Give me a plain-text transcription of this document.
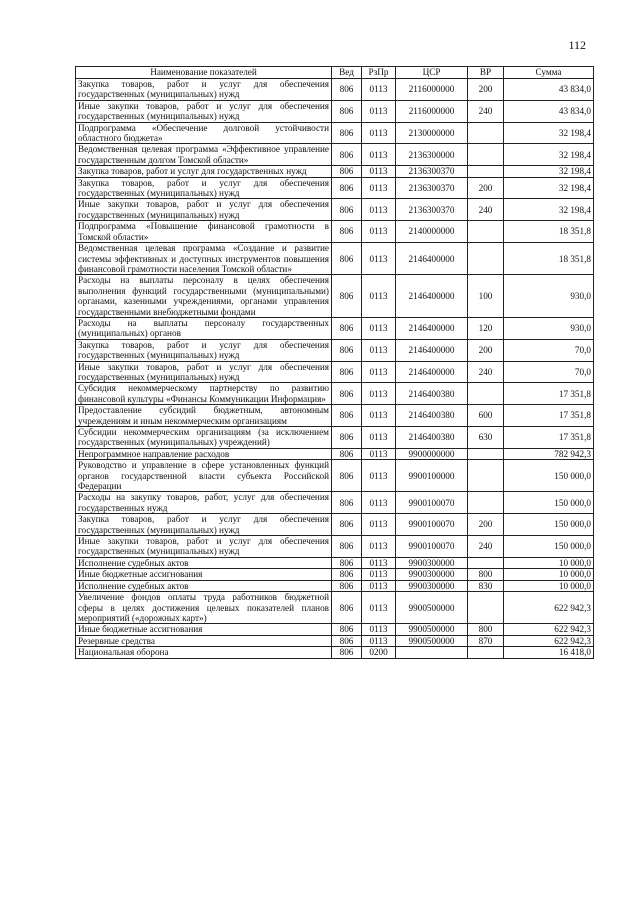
112
Наименование показателей	Вед	РзПр	ЦСР	ВР	Сумма
Закупка товаров, работ и услуг для обеспечения государственных (муниципальных) нужд	806	0113	2116000000	200	43 834,0
Иные закупки товаров, работ и услуг для обеспечения государственных (муниципальных) нужд	806	0113	2116000000	240	43 834,0
Подпрограмма «Обеспечение долговой устойчивости областного бюджета»	806	0113	2130000000		32 198,4
Ведомственная целевая программа «Эффективное управление государственным долгом Томской области»	806	0113	2136300000		32 198,4
Закупка товаров, работ и услуг для государственных нужд	806	0113	2136300370		32 198,4
Закупка товаров, работ и услуг для обеспечения государственных (муниципальных) нужд	806	0113	2136300370	200	32 198,4
Иные закупки товаров, работ и услуг для обеспечения государственных (муниципальных) нужд	806	0113	2136300370	240	32 198,4
Подпрограмма «Повышение финансовой грамотности в Томской области»	806	0113	2140000000		18 351,8
Ведомственная целевая программа «Создание и развитие системы эффективных и доступных инструментов повышения финансовой грамотности населения Томской области»	806	0113	2146400000		18 351,8
Расходы на выплаты персоналу в целях обеспечения выполнения функций государственными (муниципальными) органами, казенными учреждениями, органами управления государственными внебюджетными фондами	806	0113	2146400000	100	930,0
Расходы на выплаты персоналу государственных (муниципальных) органов	806	0113	2146400000	120	930,0
Закупка товаров, работ и услуг для обеспечения государственных (муниципальных) нужд	806	0113	2146400000	200	70,0
Иные закупки товаров, работ и услуг для обеспечения государственных (муниципальных) нужд	806	0113	2146400000	240	70,0
Субсидия некоммерческому партнерству по развитию финансовой культуры «Финансы Коммуникации Информация»	806	0113	2146400380		17 351,8
Предоставление субсидий бюджетным, автономным учреждениям и иным некоммерческим организациям	806	0113	2146400380	600	17 351,8
Субсидии некоммерческим организациям (за исключением государственных (муниципальных) учреждений)	806	0113	2146400380	630	17 351,8
Непрограммное направление расходов	806	0113	9900000000		782 942,3
Руководство и управление в сфере установленных функций органов государственной власти субъекта Российской Федерации	806	0113	9900100000		150 000,0
Расходы на закупку товаров, работ, услуг для обеспечения государственных нужд	806	0113	9900100070		150 000,0
Закупка товаров, работ и услуг для обеспечения государственных (муниципальных) нужд	806	0113	9900100070	200	150 000,0
Иные закупки товаров, работ и услуг для обеспечения государственных (муниципальных) нужд	806	0113	9900100070	240	150 000,0
Исполнение судебных актов	806	0113	9900300000		10 000,0
Иные бюджетные ассигнования	806	0113	9900300000	800	10 000,0
Исполнение судебных актов	806	0113	9900300000	830	10 000,0
Увеличение фондов оплаты труда работников бюджетной сферы в целях достижения целевых показателей планов мероприятий («дорожных карт»)	806	0113	9900500000		622 942,3
Иные бюджетные ассигнования	806	0113	9900500000	800	622 942,3
Резервные средства	806	0113	9900500000	870	622 942,3
Национальная оборона	806	0200			16 418,0
